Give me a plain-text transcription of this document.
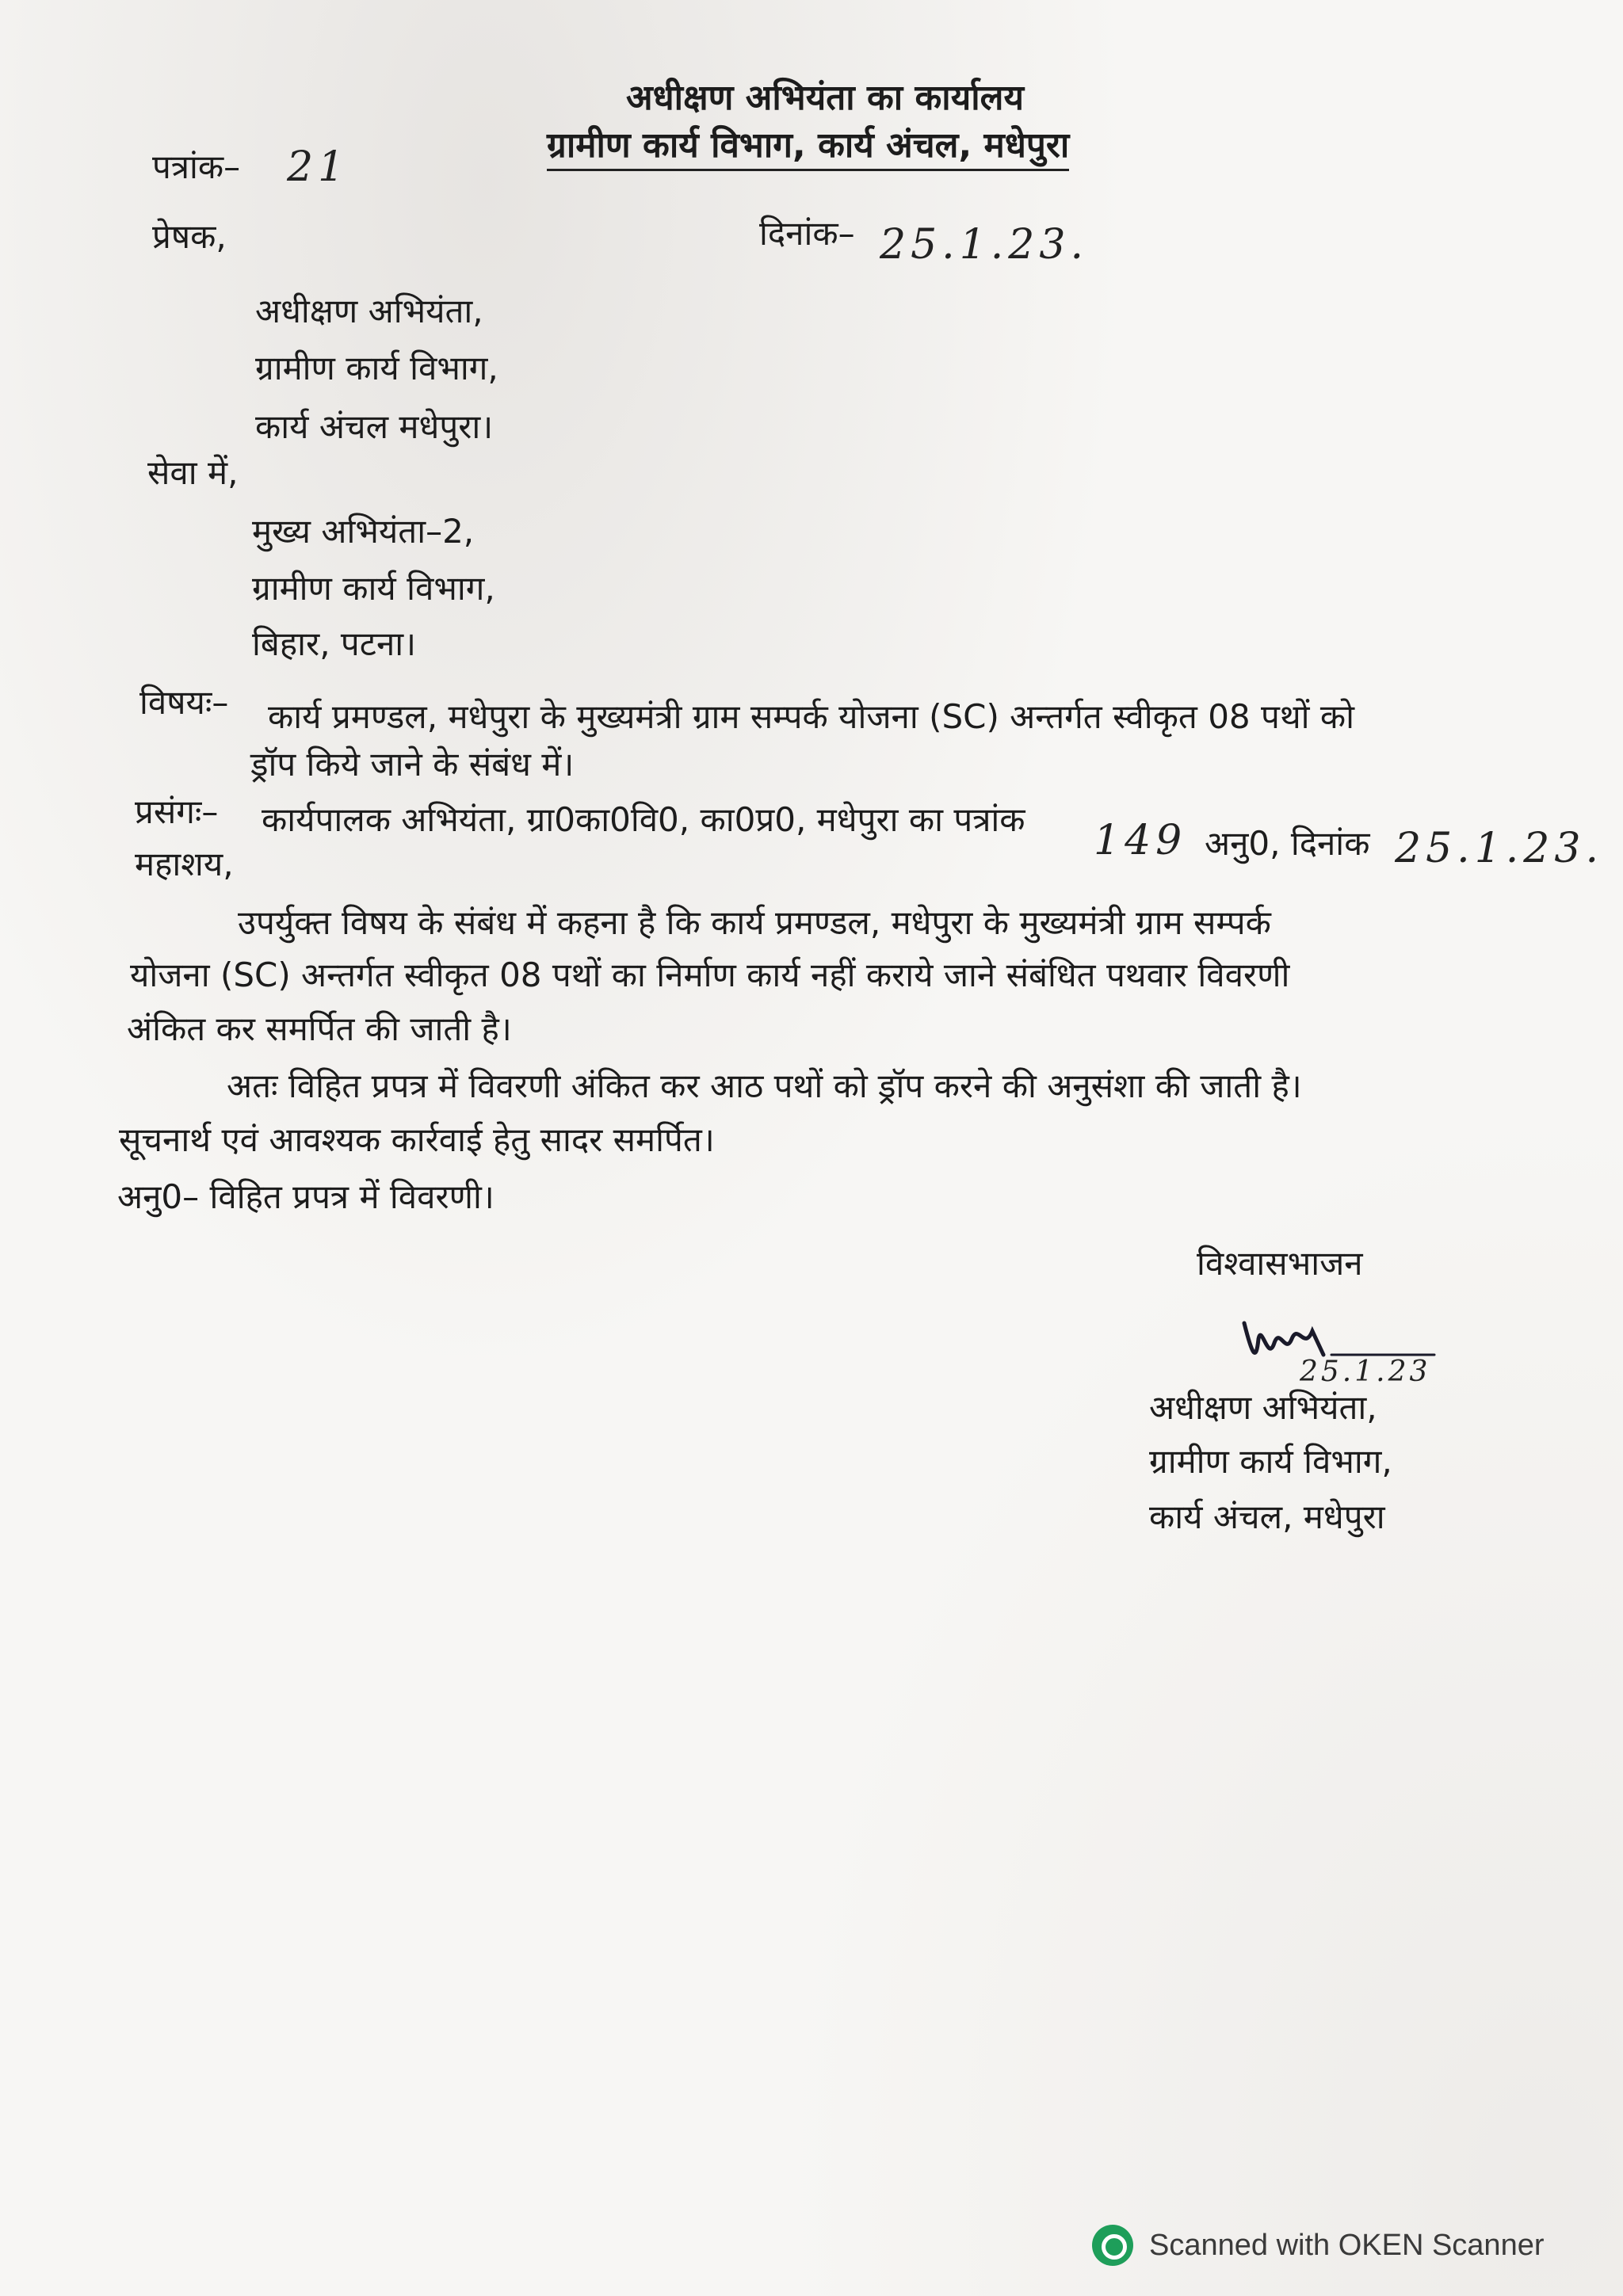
अधीक्षण अभियंता का कार्यालय
ग्रामीण कार्य विभाग, कार्य अंचल, मधेपुरा
पत्रांक– 21
दिनांक– 25.1.23.
प्रेषक,
अधीक्षण अभियंता,
ग्रामीण कार्य विभाग,
कार्य अंचल मधेपुरा।
सेवा में,
मुख्य अभियंता–2,
ग्रामीण कार्य विभाग,
बिहार, पटना।
विषयः– कार्य प्रमण्डल, मधेपुरा के मुख्यमंत्री ग्राम सम्पर्क योजना (SC) अन्तर्गत स्वीकृत 08 पथों को
ड्रॉप किये जाने के संबंध में।
प्रसंगः– कार्यपालक अभियंता, ग्रा0का0वि0, का0प्र0, मधेपुरा का पत्रांक 149 अनु0, दिनांक 25.1.23.
महाशय,
उपर्युक्त विषय के संबंध में कहना है कि कार्य प्रमण्डल, मधेपुरा के मुख्यमंत्री ग्राम सम्पर्क
योजना (SC) अन्तर्गत स्वीकृत 08 पथों का निर्माण कार्य नहीं कराये जाने संबंधित पथवार विवरणी
अंकित कर समर्पित की जाती है।
अतः विहित प्रपत्र में विवरणी अंकित कर आठ पथों को ड्रॉप करने की अनुसंशा की जाती है।
सूचनार्थ एवं आवश्यक कार्रवाई हेतु सादर समर्पित।
अनु0– विहित प्रपत्र में विवरणी।
विश्वासभाजन
25.1.23
अधीक्षण अभियंता,
ग्रामीण कार्य विभाग,
कार्य अंचल, मधेपुरा
Scanned with OKEN Scanner
